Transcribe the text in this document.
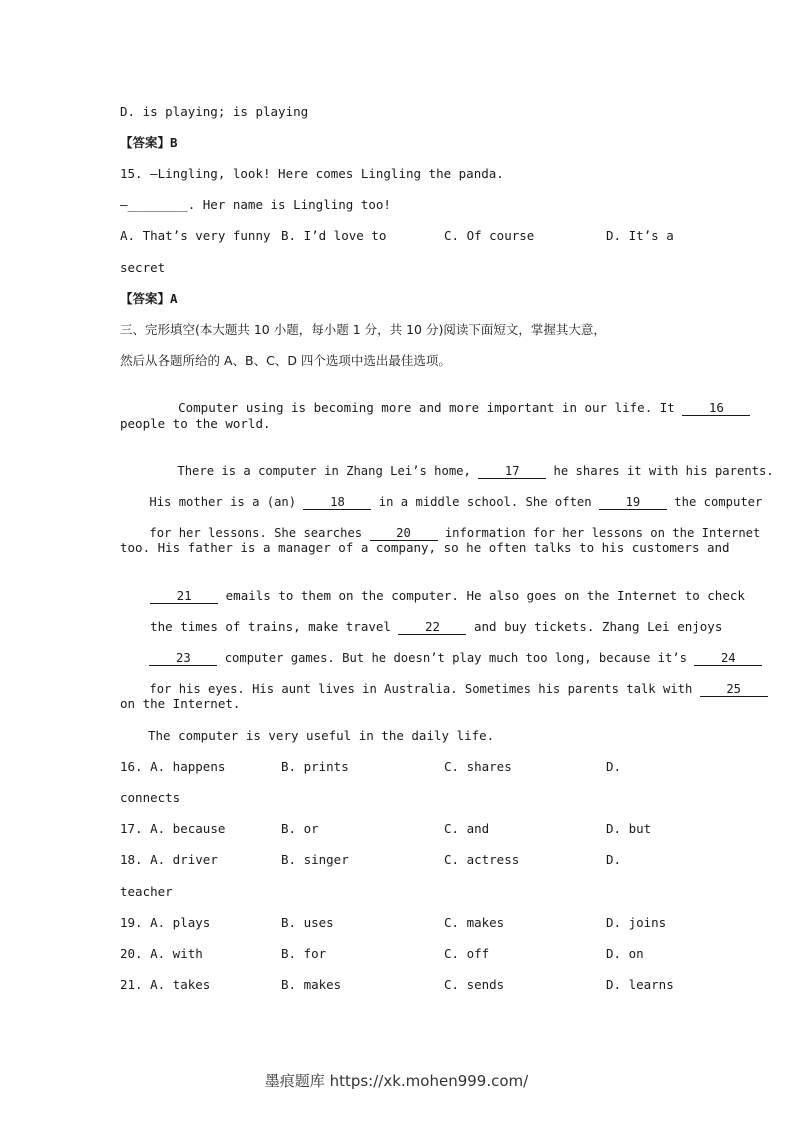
D. is playing; is playing
【答案】B
15. —Lingling, look! Here comes Lingling the panda.
—________. Her name is Lingling too!
A. That’s very funny B. I’d love to	C. Of course	D. It’s a
secret
【答案】A
三、完形填空(本大题共 10 小题，每小题 1 分，共 10 分)阅读下面短文，掌握其大意，
然后从各题所给的 A、B、C、D 四个选项中选出最佳选项。

Computer using is becoming more and more important in our life. It	16

people to the world.

There is a computer in Zhang Lei’s home,	17	he shares it with his parents.

His mother is a (an)	18	in a middle school. She often	19	the computer

for her lessons. She searches	20	information for her lessons on the Internet

too. His father is a manager of a company, so he often talks to his customers and

21	emails to them on the computer. He also goes on the Internet to check

the times of trains, make travel	22	and buy tickets. Zhang Lei enjoys

23	computer games. But he doesn’t play much too long, because it’s	24

for his eyes. His aunt lives in Australia. Sometimes his parents talk with	25

on the Internet.
The computer is very useful in the daily life.
16. A. happens	B. prints	C. shares	D.
connects
17. A. because	B. or	C. and	D. but
18. A. driver	B. singer	C. actress	D.
teacher
19. A. plays	B. uses	C. makes	D. joins
20. A. with	B. for	C. off	D. on
21. A. takes	B. makes	C. sends	D. learns
墨痕题库 https://xk.mohen999.com/
